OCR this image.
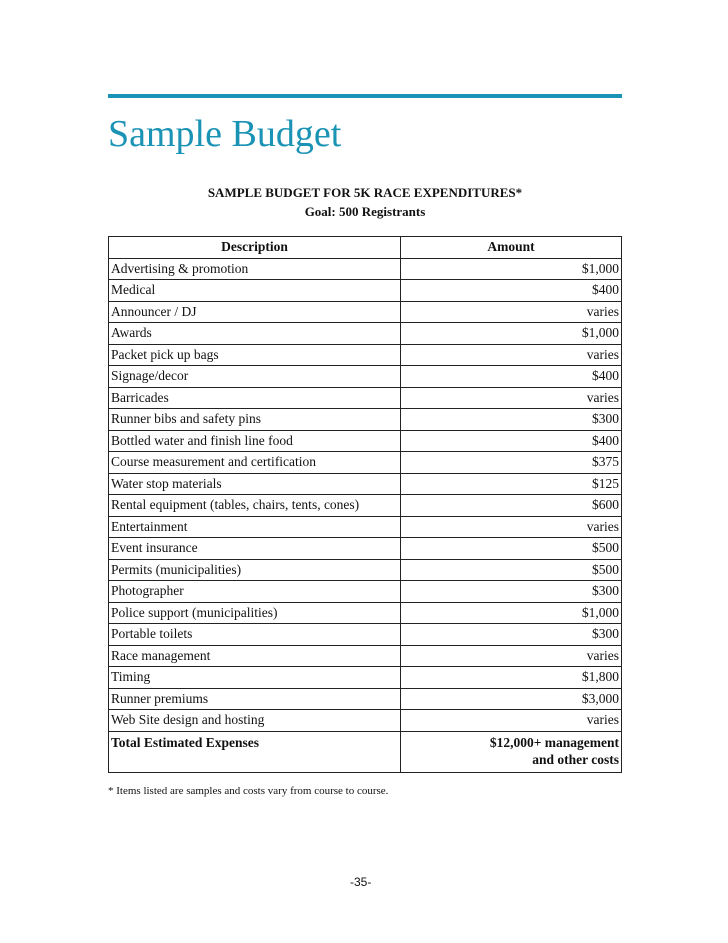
Sample Budget
SAMPLE BUDGET FOR 5K RACE EXPENDITURES*
Goal: 500 Registrants
Description	Amount
Advertising & promotion	$1,000
Medical	$400
Announcer / DJ	varies
Awards	$1,000
Packet pick up bags	varies
Signage/decor	$400
Barricades	varies
Runner bibs and safety pins	$300
Bottled water and finish line food	$400
Course measurement and certification	$375
Water stop materials	$125
Rental equipment (tables, chairs, tents, cones)	$600
Entertainment	varies
Event insurance	$500
Permits (municipalities)	$500
Photographer	$300
Police support (municipalities)	$1,000
Portable toilets	$300
Race management	varies
Timing	$1,800
Runner premiums	$3,000
Web Site design and hosting	varies
Total Estimated Expenses	$12,000+ management
and other costs
* Items listed are samples and costs vary from course to course.
-35-
